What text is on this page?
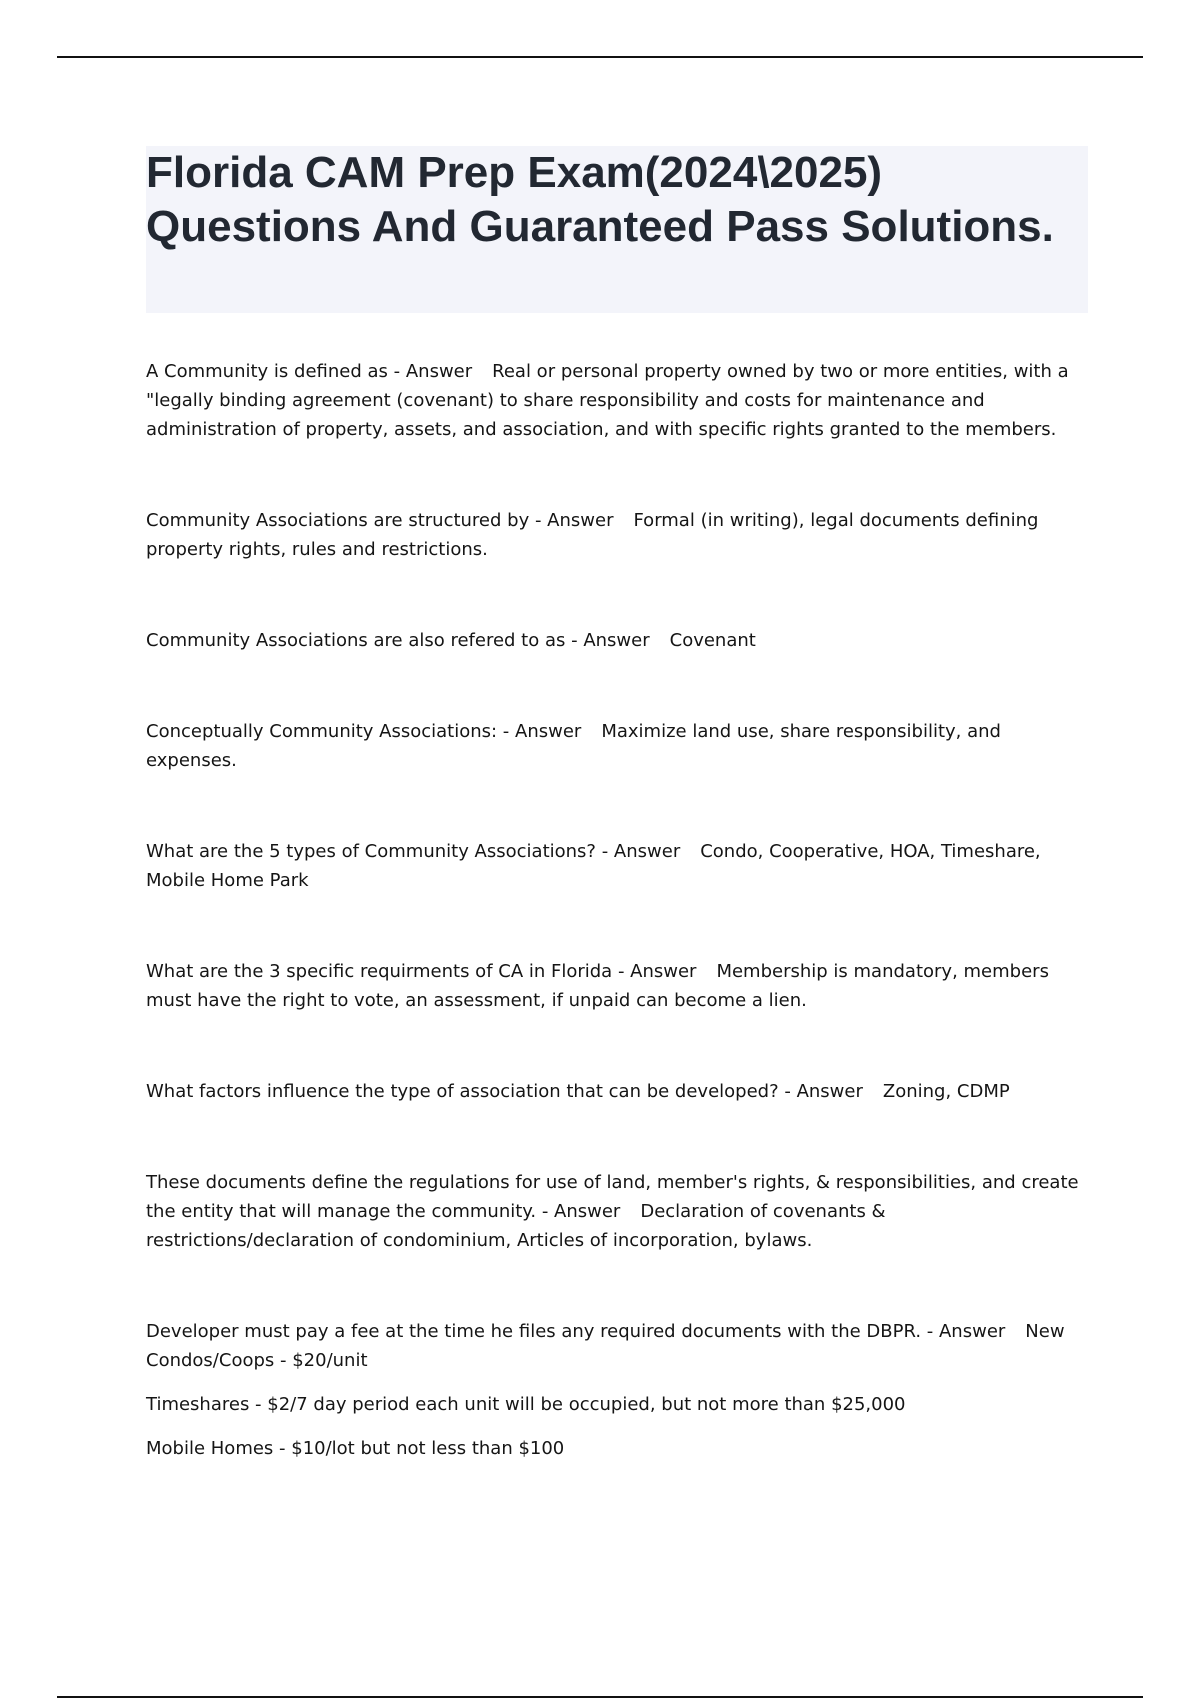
Florida CAM Prep Exam(2024\2025) Questions And Guaranteed Pass Solutions.

A Community is defined as - Answer Real or personal property owned by two or more entities, with a "legally binding agreement (covenant) to share responsibility and costs for maintenance and administration of property, assets, and association, and with specific rights granted to the members.

Community Associations are structured by - Answer Formal (in writing), legal documents defining property rights, rules and restrictions.

Community Associations are also refered to as - Answer Covenant

Conceptually Community Associations: - Answer Maximize land use, share responsibility, and expenses.

What are the 5 types of Community Associations? - Answer Condo, Cooperative, HOA, Timeshare, Mobile Home Park

What are the 3 specific requirments of CA in Florida - Answer Membership is mandatory, members must have the right to vote, an assessment, if unpaid can become a lien.

What factors influence the type of association that can be developed? - Answer Zoning, CDMP

These documents define the regulations for use of land, member's rights, & responsibilities, and create the entity that will manage the community. - Answer Declaration of covenants & restrictions/declaration of condominium, Articles of incorporation, bylaws.

Developer must pay a fee at the time he files any required documents with the DBPR. - Answer New Condos/Coops - $20/unit

Timeshares - $2/7 day period each unit will be occupied, but not more than $25,000

Mobile Homes - $10/lot but not less than $100
